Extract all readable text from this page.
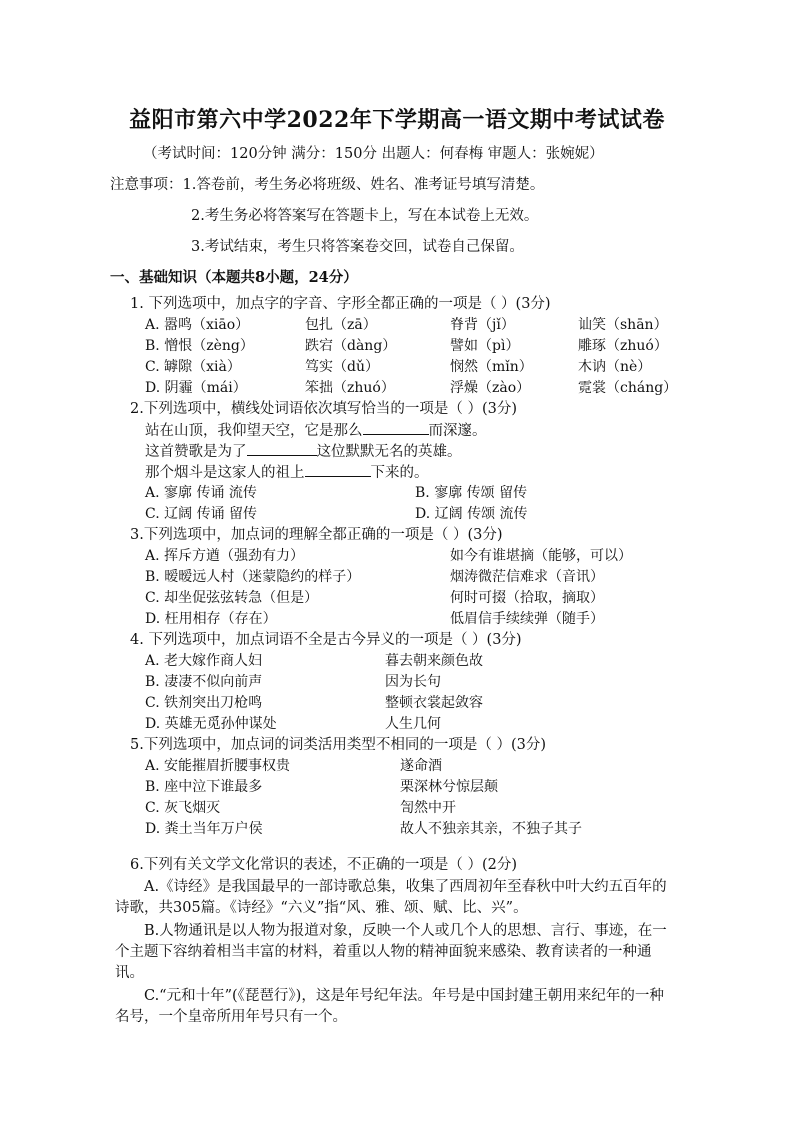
益阳市第六中学2022年下学期高一语文期中考试试卷
（考试时间：120分钟 满分：150分 出题人：何春梅 审题人：张婉妮）
注意事项：1.答卷前，考生务必将班级、姓名、准考证号填写清楚。
2.考生务必将答案写在答题卡上，写在本试卷上无效。
3.考试结束，考生只将答案卷交回，试卷自己保留。
一、基础知识（本题共8小题，24分）
1. 下列选项中，加点字的字音、字形全都正确的一项是（ ）(3分)
A. 嚣鸣（xiāo）	包扎（zā）	脊背（jǐ）	讪笑（shān）
B. 憎恨（zèng）	跌宕（dàng）	譬如（pì）	雕琢（zhuó）
C. 罅隙（xià）	笃实（dǔ）	悯然（mǐn）	木讷（nè）
D. 阴霾（mái）	笨拙（zhuó）	浮燥（zào）	霓裳（cháng）
2.下列选项中，横线处词语依次填写恰当的一项是（ ）(3分)
站在山顶，我仰望天空，它是那么	而深邃。
这首赞歌是为了	这位默默无名的英雄。
那个烟斗是这家人的祖上	下来的。
A. 寥廓 传诵 流传	B. 寥廓 传颂 留传
C. 辽阔 传诵 留传	D. 辽阔 传颂 流传
3.下列选项中，加点词的理解全都正确的一项是（ ）(3分)
A. 挥斥方遒（强劲有力）	如今有谁堪摘（能够，可以）
B. 暧暧远人村（迷蒙隐约的样子）	烟涛微茫信难求（音讯）
C. 却坐促弦弦转急（但是）	何时可掇（拾取，摘取）
D. 枉用相存（存在）	低眉信手续续弹（随手）
4. 下列选项中，加点词语不全是古今异义的一项是（ ）(3分)
A. 老大嫁作商人妇	暮去朝来颜色故
B. 凄凄不似向前声	因为长句
C. 铁剂突出刀枪鸣	整顿衣裳起敛容
D. 英雄无觅孙仲谋处	人生几何
5.下列选项中，加点词的词类活用类型不相同的一项是（ ）(3分)
A. 安能摧眉折腰事权贵	遂命酒
B. 座中泣下谁最多	栗深林兮惊层颠
C. 灰飞烟灭	訇然中开
D. 粪土当年万户侯	故人不独亲其亲，不独子其子
6.下列有关文学文化常识的表述，不正确的一项是（ ）(2分)
A.《诗经》是我国最早的一部诗歌总集，收集了西周初年至春秋中叶大约五百年的诗歌，共305篇。《诗经》“六义”指“风、雅、颂、赋、比、兴”。
B.人物通讯是以人物为报道对象，反映一个人或几个人的思想、言行、事迹，在一个主题下容纳着相当丰富的材料，着重以人物的精神面貌来感染、教育读者的一种通讯。
C.“元和十年”(《琵琶行》)，这是年号纪年法。年号是中国封建王朝用来纪年的一种名号，一个皇帝所用年号只有一个。
